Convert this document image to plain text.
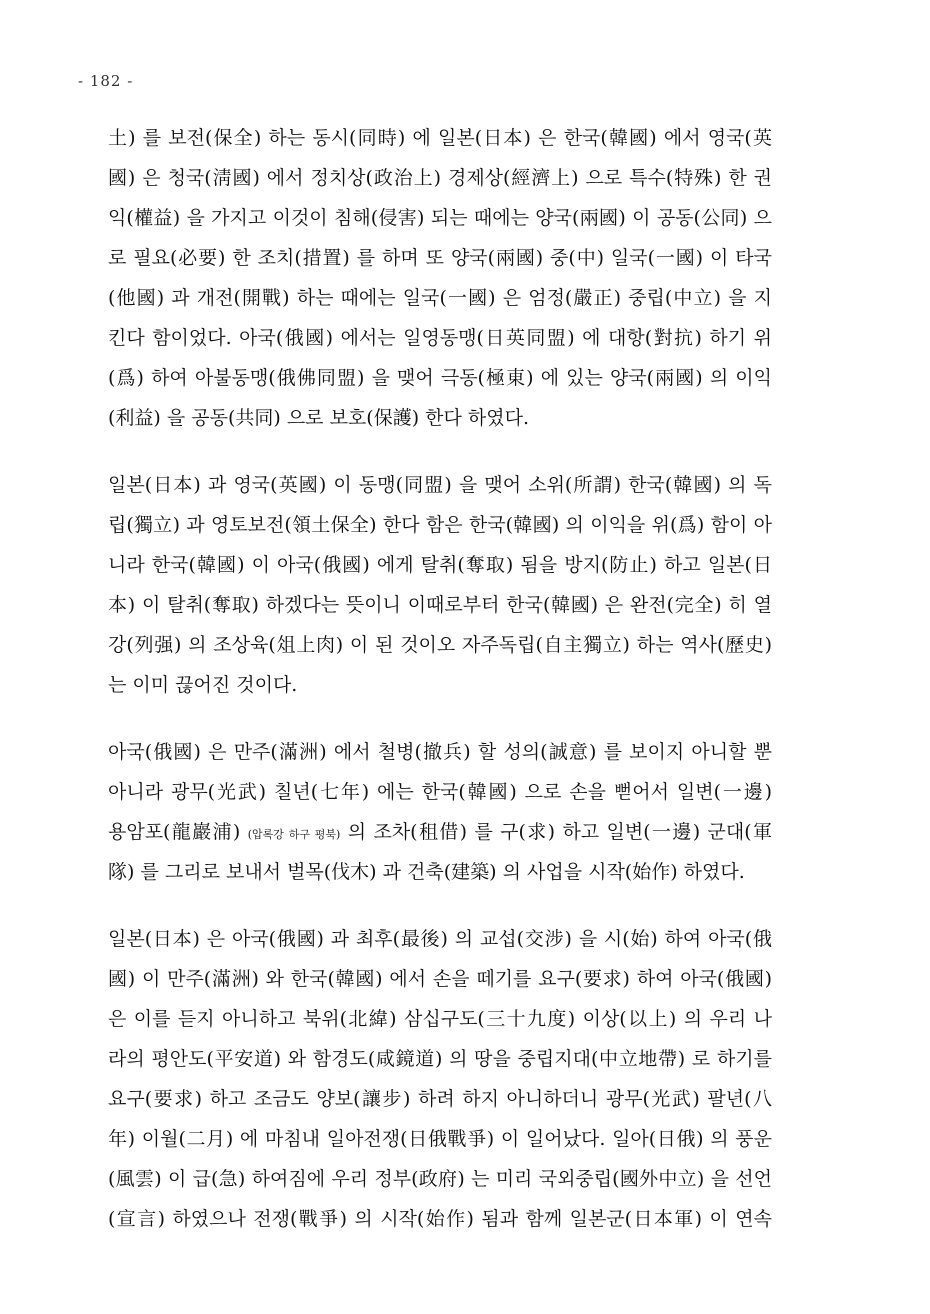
- 182 -
土) 를 보전(保全) 하는 동시(同時) 에 일본(日本) 은 한국(韓國) 에서 영국(英
國) 은 청국(淸國) 에서 정치상(政治上) 경제상(經濟上) 으로 특수(特殊) 한 권
익(權益) 을 가지고 이것이 침해(侵害) 되는 때에는 양국(兩國) 이 공동(公同) 으
로 필요(必要) 한 조치(措置) 를 하며 또 양국(兩國) 중(中) 일국(一國) 이 타국
(他國) 과 개전(開戰) 하는 때에는 일국(一國) 은 엄정(嚴正) 중립(中立) 을 지
킨다 함이었다. 아국(俄國) 에서는 일영동맹(日英同盟) 에 대항(對抗) 하기 위
(爲) 하여 아불동맹(俄佛同盟) 을 맺어 극동(極東) 에 있는 양국(兩國) 의 이익
(利益) 을 공동(共同) 으로 보호(保護) 한다 하였다.
일본(日本) 과 영국(英國) 이 동맹(同盟) 을 맺어 소위(所謂) 한국(韓國) 의 독
립(獨立) 과 영토보전(領土保全) 한다 함은 한국(韓國) 의 이익을 위(爲) 함이 아
니라 한국(韓國) 이 아국(俄國) 에게 탈취(奪取) 됨을 방지(防止) 하고 일본(日
本) 이 탈취(奪取) 하겠다는 뜻이니 이때로부터 한국(韓國) 은 완전(完全) 히 열
강(列强) 의 조상육(俎上肉) 이 된 것이오 자주독립(自主獨立) 하는 역사(歷史)
는 이미 끊어진 것이다.
아국(俄國) 은 만주(滿洲) 에서 철병(撤兵) 할 성의(誠意) 를 보이지 아니할 뿐
아니라 광무(光武) 칠년(七年) 에는 한국(韓國) 으로 손을 뻗어서 일변(一邊)
용암포(龍巖浦) (압록강 하구 평북) 의 조차(租借) 를 구(求) 하고 일변(一邊) 군대(軍
隊) 를 그리로 보내서 벌목(伐木) 과 건축(建築) 의 사업을 시작(始作) 하였다.
일본(日本) 은 아국(俄國) 과 최후(最後) 의 교섭(交涉) 을 시(始) 하여 아국(俄
國) 이 만주(滿洲) 와 한국(韓國) 에서 손을 떼기를 요구(要求) 하여 아국(俄國)
은 이를 듣지 아니하고 북위(北緯) 삼십구도(三十九度) 이상(以上) 의 우리 나
라의 평안도(平安道) 와 함경도(咸鏡道) 의 땅을 중립지대(中立地帶) 로 하기를
요구(要求) 하고 조금도 양보(讓步) 하려 하지 아니하더니 광무(光武) 팔년(八
年) 이월(二月) 에 마침내 일아전쟁(日俄戰爭) 이 일어났다. 일아(日俄) 의 풍운
(風雲) 이 급(急) 하여짐에 우리 정부(政府) 는 미리 국외중립(國外中立) 을 선언
(宣言) 하였으나 전쟁(戰爭) 의 시작(始作) 됨과 함께 일본군(日本軍) 이 연속
